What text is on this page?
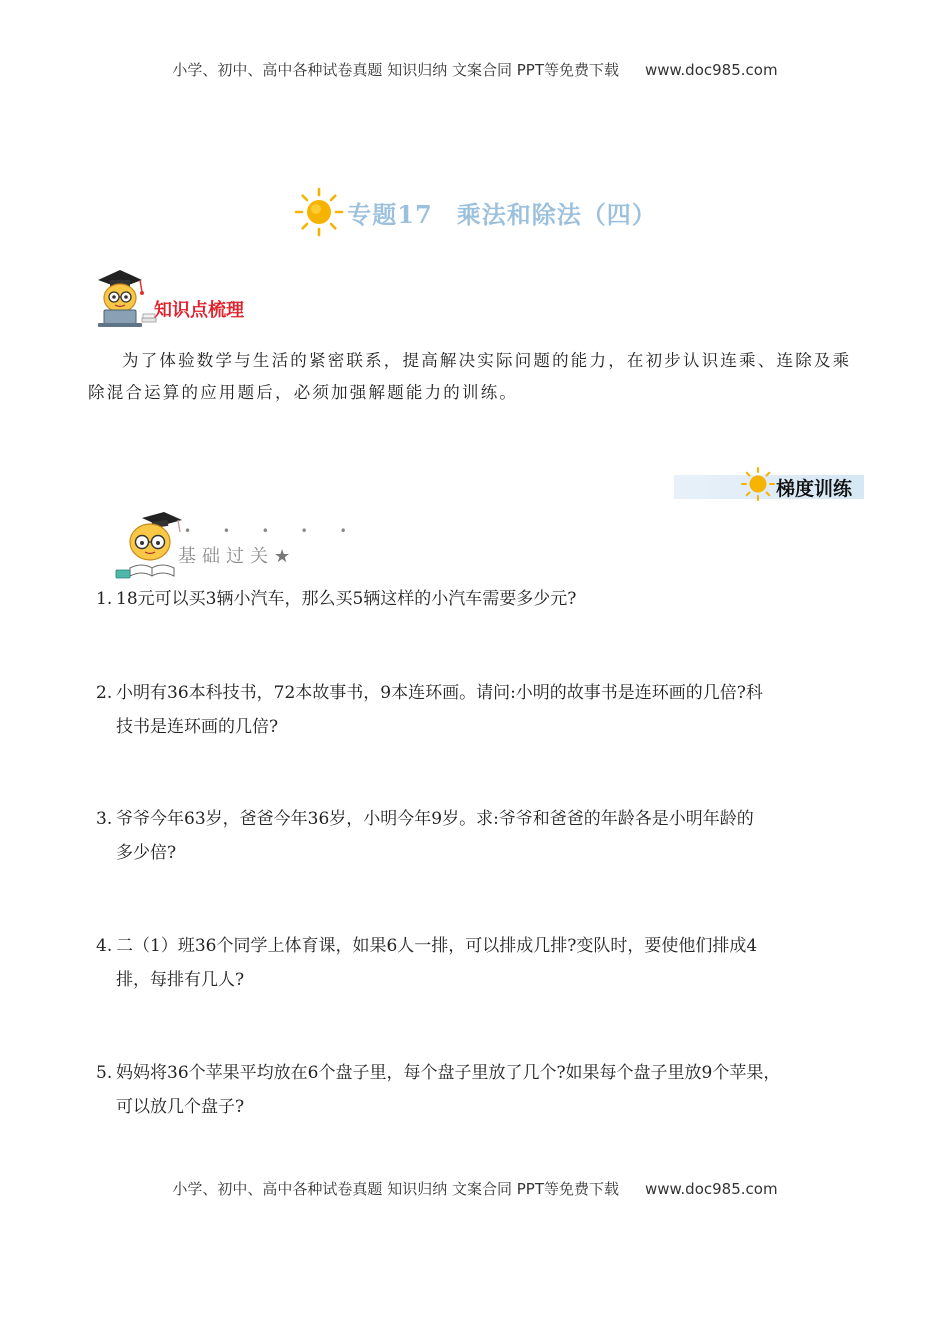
小学、初中、高中各种试卷真题 知识归纳 文案合同 PPT等免费下载 www.doc985.com
专题17 乘法和除法（四）
知识点梳理
为了体验数学与生活的紧密联系，提高解决实际问题的能力，在初步认识连乘、连除及乘除混合运算的应用题后，必须加强解题能力的训练。
梯度训练
• • • • •
基础过关★
1. 18元可以买3辆小汽车，那么买5辆这样的小汽车需要多少元?
2. 小明有36本科技书，72本故事书，9本连环画。请问:小明的故事书是连环画的几倍?科
技书是连环画的几倍?
3. 爷爷今年63岁，爸爸今年36岁，小明今年9岁。求:爷爷和爸爸的年龄各是小明年龄的
多少倍?
4. 二（1）班36个同学上体育课，如果6人一排，可以排成几排?变队时，要使他们排成4
排，每排有几人?
5. 妈妈将36个苹果平均放在6个盘子里，每个盘子里放了几个?如果每个盘子里放9个苹果，
可以放几个盘子?
小学、初中、高中各种试卷真题 知识归纳 文案合同 PPT等免费下载 www.doc985.com
